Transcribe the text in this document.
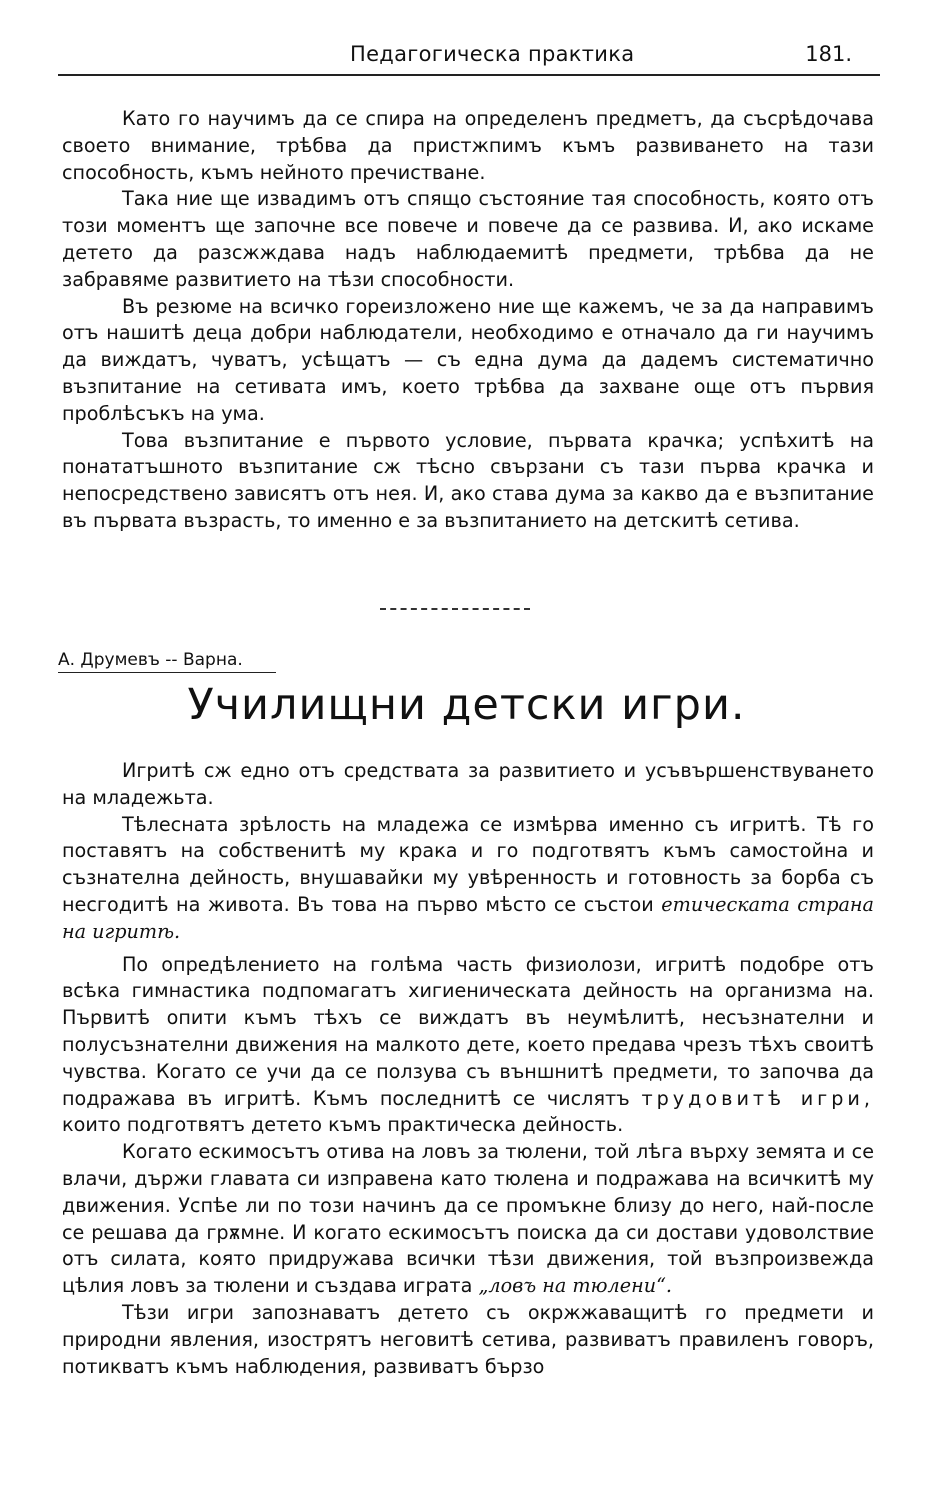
Педагогическа практика	181.

Като го научимъ да се спира на определенъ предметъ, да съсрѣдочава своето внимание, трѣбва да пристжпимъ къмъ развиването на тази способность, къмъ нейното пречистване.

Така ние ще извадимъ отъ спящо състояние тая способность, която отъ този моментъ ще започне все повече и повече да се развива. И, ако искаме детето да разсжждава надъ наблюдаемитѣ предмети, трѣбва да не забравяме развитието на тѣзи способности.

Въ резюме на всичко гореизложено ние ще кажемъ, че за да направимъ отъ нашитѣ деца добри наблюдатели, необходимо е отначало да ги научимъ да виждатъ, чуватъ, усѣщатъ — съ една дума да дадемъ систематично възпитание на сетивата имъ, което трѣбва да захване още отъ първия проблѣсъкъ на ума.

Това възпитание е първото условие, първата крачка; успѣхитѣ на понататъшното възпитание сж тѣсно свързани съ тази първа крачка и непосредствено зависятъ отъ нея. И, ако става дума за какво да е възпитание въ първата възрасть, то именно е за възпитанието на детскитѣ сетива.

А. Друмевъ -- Варна.
Училищни детски игри.

Игритѣ сж едно отъ средствата за развитието и усъвършенствуването на младежьта.

Тѣлесната зрѣлость на младежа се измѣрва именно съ игритѣ. Тѣ го поставятъ на собственитѣ му крака и го подготвятъ къмъ самостойна и съзнателна дейность, внушавайки му увѣренность и готовность за борба съ несгодитѣ на живота. Въ това на първо мѣсто се състои етическата страна на игритѣ.

По опредѣлението на голѣма часть физиолози, игритѣ подобре отъ всѣка гимнастика подпомагатъ хигиеническата дейность на организма на. Първитѣ опити къмъ тѣхъ се виждатъ въ неумѣлитѣ, несъзнателни и полусъзнателни движения на малкото дете, което предава чрезъ тѣхъ своитѣ чувства. Когато се учи да се ползува съ външнитѣ предмети, то започва да подражава въ игритѣ. Къмъ последнитѣ се числятъ трудовитѣ игри, които подготвятъ детето къмъ практическа дейность.

Когато ескимосътъ отива на ловъ за тюлени, той лѣга върху земята и се влачи, държи главата си изправена като тюлена и подражава на всичкитѣ му движения. Успѣе ли по този начинъ да се промъкне близу до него, най-после се решава да грѫмне. И когато ескимосътъ поиска да си достави удоволствие отъ силата, която придружава всички тѣзи движения, той възпроизвежда цѣлия ловъ за тюлени и създава играта „ловъ на тюлени“.

Тѣзи игри запознаватъ детето съ окржжаващитѣ го предмети и природни явления, изострятъ неговитѣ сетива, развиватъ правиленъ говоръ, потикватъ къмъ наблюдения, развиватъ бързо
